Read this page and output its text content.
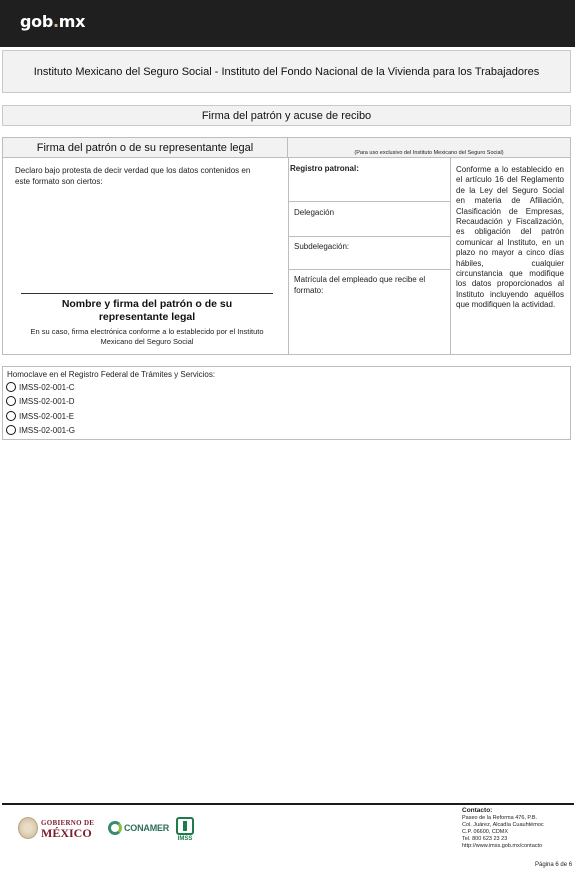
gob.mx
Instituto Mexicano del Seguro Social - Instituto del Fondo Nacional de la Vivienda para los Trabajadores
Firma del patrón y acuse de recibo
Firma del patrón o de su representante legal	(Para uso exclusivo del Instituto Mexicano del Seguro Social)
Declaro bajo protesta de decir verdad que los datos contenidos en este formato son ciertos:
Nombre y firma del patrón o de su representante legal
En su caso, firma electrónica conforme a lo establecido por el Instituto Mexicano del Seguro Social
Registro patronal:
Delegación
Subdelegación:
Matrícula del empleado que recibe el formato:
Conforme a lo establecido en el artículo 16 del Reglamento de la Ley del Seguro Social en materia de Afiliación, Clasificación de Empresas, Recaudación y Fiscalización, es obligación del patrón comunicar al Instituto, en un plazo no mayor a cinco días hábiles, cualquier circunstancia que modifique los datos proporcionados al Instituto incluyendo aquéllos que modifiquen la actividad.
Homoclave en el Registro Federal de Trámites y Servicios:
IMSS-02-001-C
IMSS-02-001-D
IMSS-02-001-E
IMSS-02-001-G
GOBIERNO DE
MÉXICO	CONAMER
IMSS
Contacto:
Paseo de la Reforma 476, P.B.
Col. Juárez, Alcadía Cuauhtémoc
C.P. 06600, CDMX
Tel. 800 623 23 23
http://www.imss.gob.mx/contacto
Página 6 de 6
